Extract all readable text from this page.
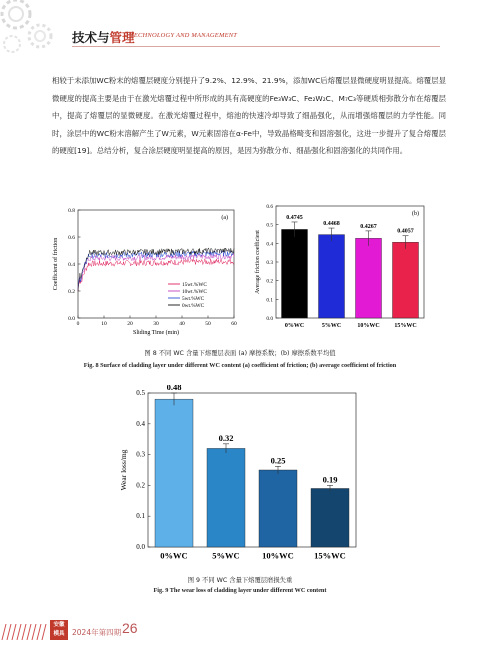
技术与管理
TECHNOLOGY AND MANAGEMENT

相较于未添加WC粉末的熔覆层硬度分别提升了9.2%、12.9%、21.9%，添加WC后熔覆层显微硬度明显提高。熔覆层显微硬度的提高主要是由于在激光熔覆过程中所形成的具有高硬度的Fe₃W₃C、Fe₂W₂C、M₇C₃等硬质相弥散分布在熔覆层中，提高了熔覆层的显微硬度。在激光熔覆过程中，熔池的快速冷却导致了细晶强化，从而增强熔覆层的力学性能。同时，涂层中的WC粉末溶解产生了W元素，W元素固溶在α-Fe中，导致晶格畸变和固溶强化，这进一步提升了复合熔覆层的硬度[19]。总结分析，复合涂层硬度明显提高的原因，是因为弥散分布、细晶强化和固溶强化的共同作用。

0.0
0.2
0.4
0.6
0.8
0	10	20	30	40	50	60
Sliding Time (min)
Coefficient of friction
(a)
15wt.%WC
10wt.%WC
5wt.%WC
0wt.%WC
0.0
0.1
0.2
0.3
0.4
0.5
0.6
0.4745
0%WC
0.4468
5%WC
0.4267
10%WC
0.4057
15%WC
Average friction coefficient
(b)
图 8 不同 WC 含量下熔覆层表面 (a) 摩擦系数；(b) 摩擦系数平均值
Fig. 8 Surface of cladding layer under different WC content (a) coefficient of friction; (b) average coefficient of friction
0.0
0.1
0.2
0.3
0.4
0.5
0.48
0%WC
0.32
5%WC
0.25
10%WC
0.19
15%WC
Wear loss/mg
图 9 不同 WC 含量下熔覆层磨损失重
Fig. 9 The wear loss of cladding layer under different WC content
安徽
模具	2024年第四期 26
